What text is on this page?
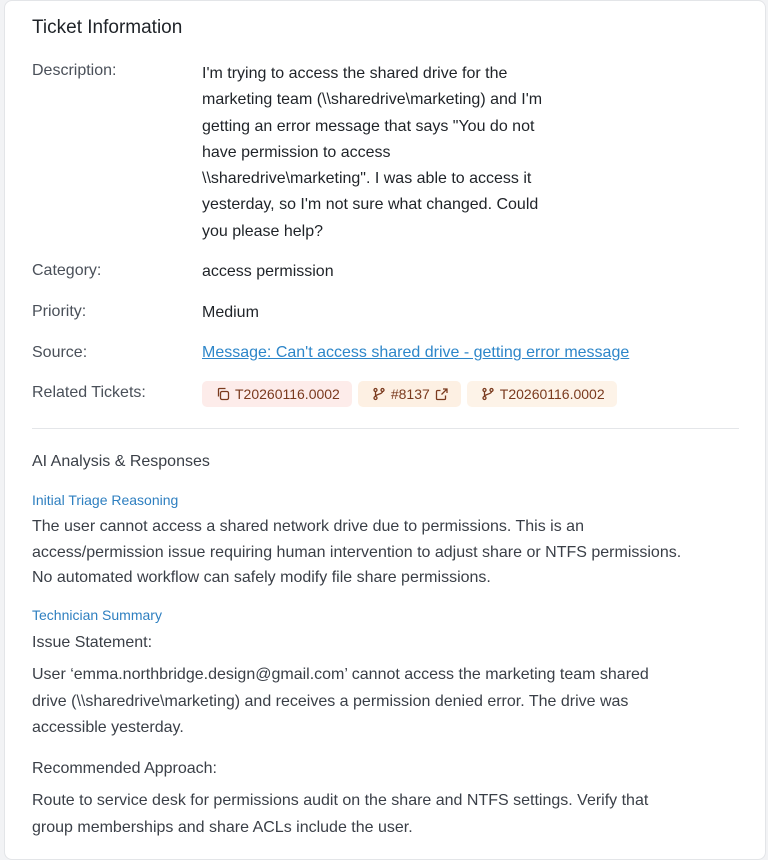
Ticket Information

Description:	I'm trying to access the shared drive for the
marketing team (\\sharedrive\marketing) and I'm
getting an error message that says "You do not
have permission to access
\\sharedrive\marketing". I was able to access it
yesterday, so I'm not sure what changed. Could
you please help?

Category:	access permission

Priority:	Medium

Source:	Message: Can't access shared drive - getting error message

Related Tickets:	T20260116.0002	#8137	T20260116.0002
AI Analysis & Responses

Initial Triage Reasoning

The user cannot access a shared network drive due to permissions. This is an
access/permission issue requiring human intervention to adjust share or NTFS permissions.
No automated workflow can safely modify file share permissions.

Technician Summary

Issue Statement:

User ‘emma.northbridge.design@gmail.com’ cannot access the marketing team shared
drive (\\sharedrive\marketing) and receives a permission denied error. The drive was
accessible yesterday.

Recommended Approach:

Route to service desk for permissions audit on the share and NTFS settings. Verify that
group memberships and share ACLs include the user.
